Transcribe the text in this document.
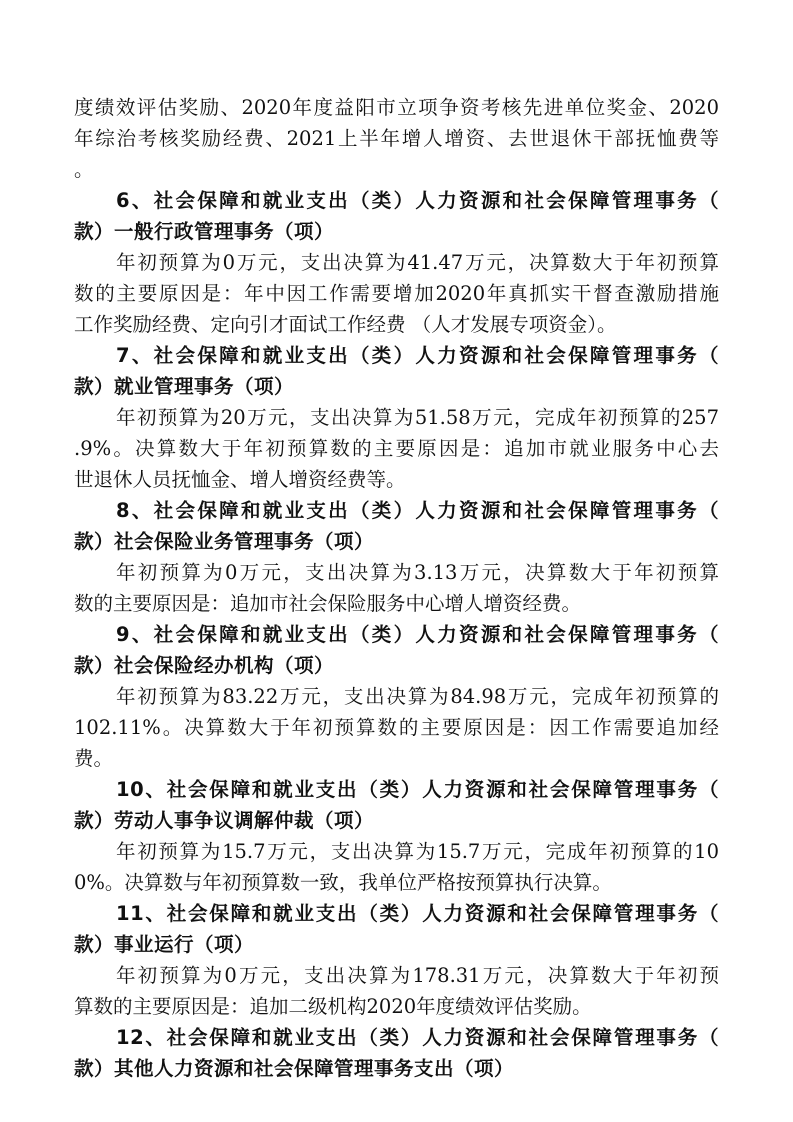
度绩效评估奖励、2020年度益阳市立项争资考核先进单位奖金、2020
年综治考核奖励经费、2021上半年增人增资、去世退休干部抚恤费等
。
6、社会保障和就业支出（类）人力资源和社会保障管理事务（
款）一般行政管理事务（项）
年初预算为0万元，支出决算为41.47万元，决算数大于年初预算
数的主要原因是：年中因工作需要增加2020年真抓实干督查激励措施
工作奖励经费、定向引才面试工作经费 （人才发展专项资金）。
7、社会保障和就业支出（类）人力资源和社会保障管理事务（
款）就业管理事务（项）
年初预算为20万元，支出决算为51.58万元，完成年初预算的257
.9%。决算数大于年初预算数的主要原因是：追加市就业服务中心去
世退休人员抚恤金、增人增资经费等。
8、社会保障和就业支出（类）人力资源和社会保障管理事务（
款）社会保险业务管理事务（项）
年初预算为0万元，支出决算为3.13万元，决算数大于年初预算
数的主要原因是：追加市社会保险服务中心增人增资经费。
9、社会保障和就业支出（类）人力资源和社会保障管理事务（
款）社会保险经办机构（项）
年初预算为83.22万元，支出决算为84.98万元，完成年初预算的
102.11%。决算数大于年初预算数的主要原因是：因工作需要追加经
费。
10、社会保障和就业支出（类）人力资源和社会保障管理事务（
款）劳动人事争议调解仲裁（项）
年初预算为15.7万元，支出决算为15.7万元，完成年初预算的10
0%。决算数与年初预算数一致，我单位严格按预算执行决算。
11、社会保障和就业支出（类）人力资源和社会保障管理事务（
款）事业运行（项）
年初预算为0万元，支出决算为178.31万元，决算数大于年初预
算数的主要原因是：追加二级机构2020年度绩效评估奖励。
12、社会保障和就业支出（类）人力资源和社会保障管理事务（
款）其他人力资源和社会保障管理事务支出（项）
